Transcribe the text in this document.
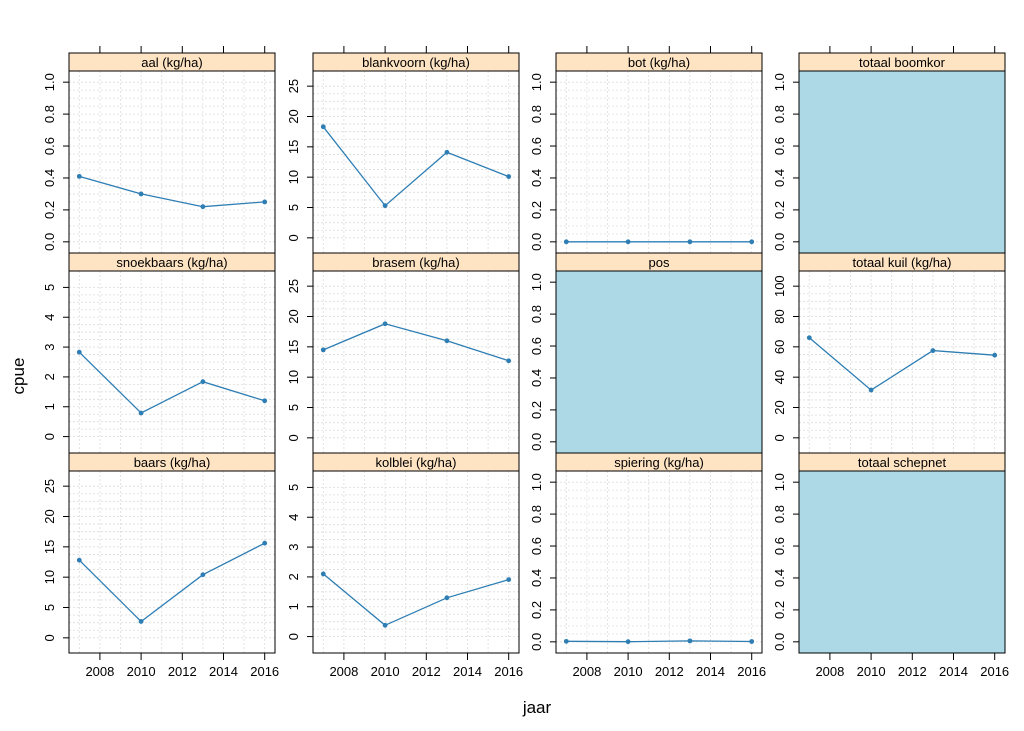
aal (kg/ha)
0.0
0.2
0.4
0.6
0.8
1.0
blankvoorn (kg/ha)
0
5
10
15
20
25
bot (kg/ha)
0.0
0.2
0.4
0.6
0.8
1.0
totaal boomkor
0.0
0.2
0.4
0.6
0.8
1.0
snoekbaars (kg/ha)
0
1
2
3
4
5
brasem (kg/ha)
0
5
10
15
20
25
pos
0.0
0.2
0.4
0.6
0.8
1.0
totaal kuil (kg/ha)
0
20
40
60
80
100
baars (kg/ha)
0
5
10
15
20
25
2008 2010 2012 2014 2016
kolblei (kg/ha)
0
1
2
3
4
5
2008 2010 2012 2014 2016
spiering (kg/ha)
0.0
0.2
0.4
0.6
0.8
1.0
2008 2010 2012 2014 2016
totaal schepnet
0.0
0.2
0.4
0.6
0.8
1.0
2008 2010 2012 2014 2016
jaar
cpue
